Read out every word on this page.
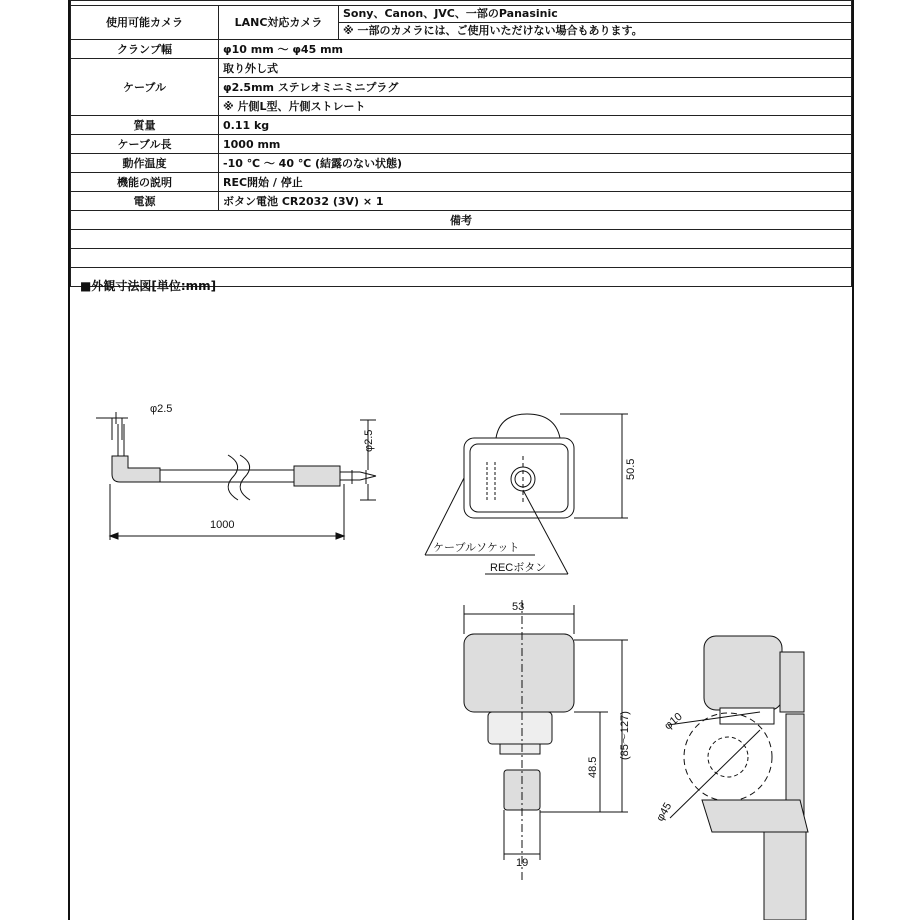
使用可能カメラ	LANC対応カメラ	Sony、Canon、JVC、一部のPanasinic
		※ 一部のカメラには、ご使用いただけない場合もあります。
クランプ幅	φ10 mm ～ φ45 mm	
ケーブル	取り外し式	
	φ2.5mm ステレオミニミニプラグ	
	※ 片側L型、片側ストレート	
質量	0.11 kg	
ケーブル長	1000 mm	
動作温度	-10 ℃ ～ 40 ℃ (結露のない状態)	
機能の説明	REC開始 / 停止	
電源	ボタン電池 CR2032 (3V) × 1	
備考		

■外観寸法図[単位:mm]
φ2.5
1000
φ2.5
50.5
ケーブルソケット
RECボタン
53
48.5
(85～127)
19
φ10
φ45
